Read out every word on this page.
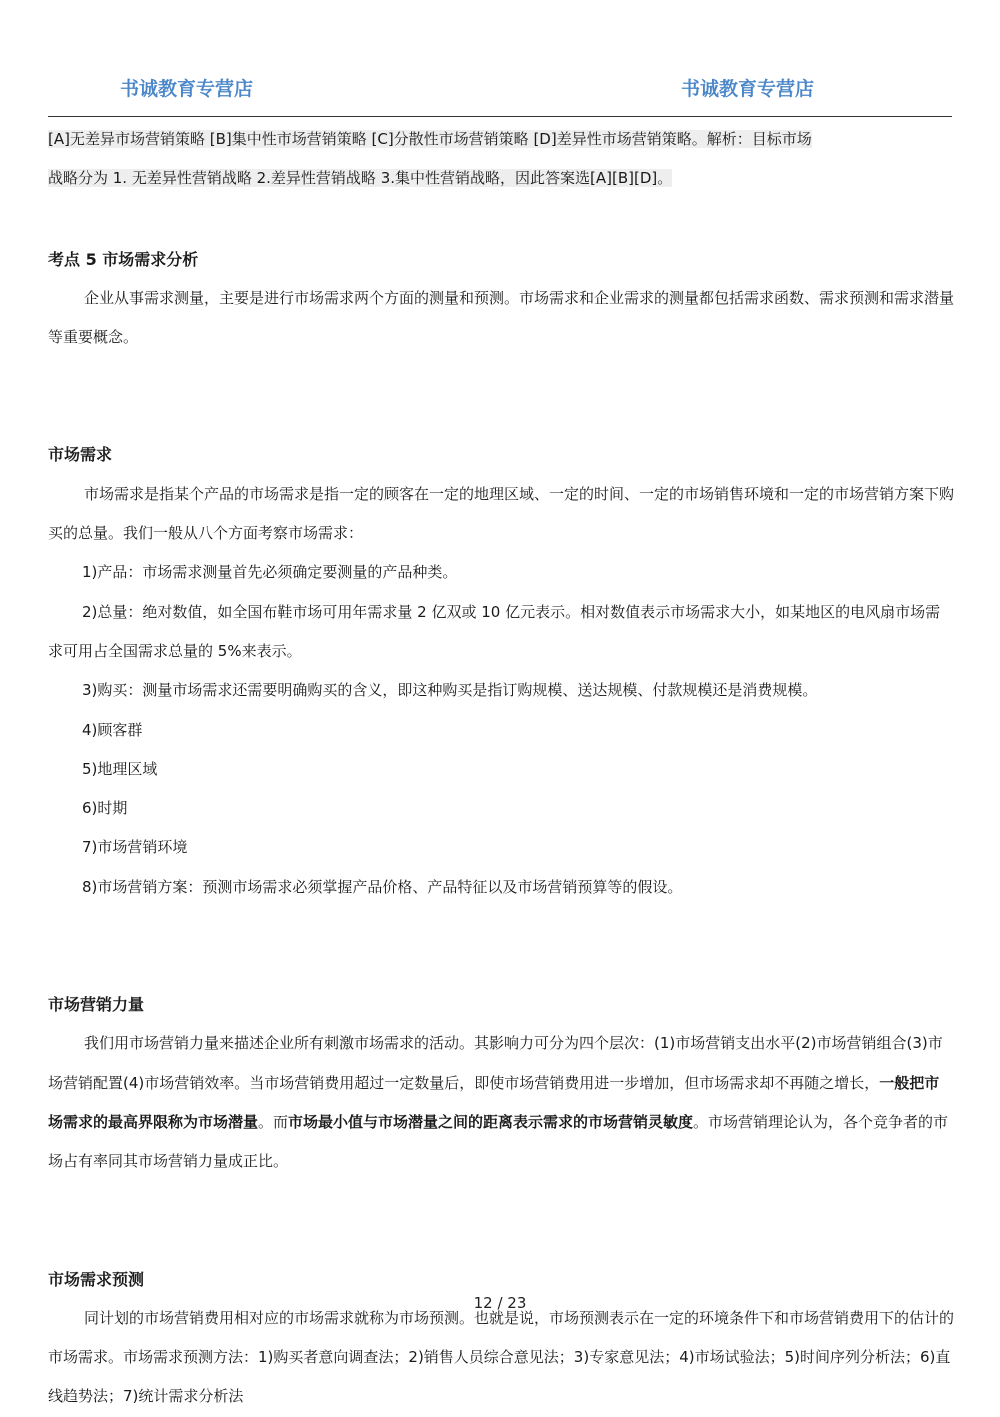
书诚教育专营店	书诚教育专营店

[A]无差异市场营销策略 [B]集中性市场营销策略 [C]分散性市场营销策略 [D]差异性市场营销策略。解析：目标市场

战略分为 1. 无差异性营销战略 2.差异性营销战略 3.集中性营销战略，因此答案选[A][B][D]。

考点 5 市场需求分析

企业从事需求测量，主要是进行市场需求两个方面的测量和预测。市场需求和企业需求的测量都包括需求函数、需求预测和需求潜量等重要概念。

市场需求

市场需求是指某个产品的市场需求是指一定的顾客在一定的地理区域、一定的时间、一定的市场销售环境和一定的市场营销方案下购买的总量。我们一般从八个方面考察市场需求：

1)产品：市场需求测量首先必须确定要测量的产品种类。

2)总量：绝对数值，如全国布鞋市场可用年需求量 2 亿双或 10 亿元表示。相对数值表示市场需求大小，如某地区的电风扇市场需求可用占全国需求总量的 5%来表示。

3)购买：测量市场需求还需要明确购买的含义，即这种购买是指订购规模、送达规模、付款规模还是消费规模。

4)顾客群

5)地理区域

6)时期

7)市场营销环境

8)市场营销方案：预测市场需求必须掌握产品价格、产品特征以及市场营销预算等的假设。

市场营销力量

我们用市场营销力量来描述企业所有刺激市场需求的活动。其影响力可分为四个层次：(1)市场营销支出水平(2)市场营销组合(3)市场营销配置(4)市场营销效率。当市场营销费用超过一定数量后，即使市场营销费用进一步增加，但市场需求却不再随之增长，一般把市场需求的最高界限称为市场潜量。而市场最小值与市场潜量之间的距离表示需求的市场营销灵敏度。市场营销理论认为，各个竞争者的市场占有率同其市场营销力量成正比。

市场需求预测

同计划的市场营销费用相对应的市场需求就称为市场预测。也就是说，市场预测表示在一定的环境条件下和市场营销费用下的估计的市场需求。市场需求预测方法：1)购买者意向调查法；2)销售人员综合意见法；3)专家意见法；4)市场试验法；5)时间序列分析法；6)直线趋势法；7)统计需求分析法

12 / 23
